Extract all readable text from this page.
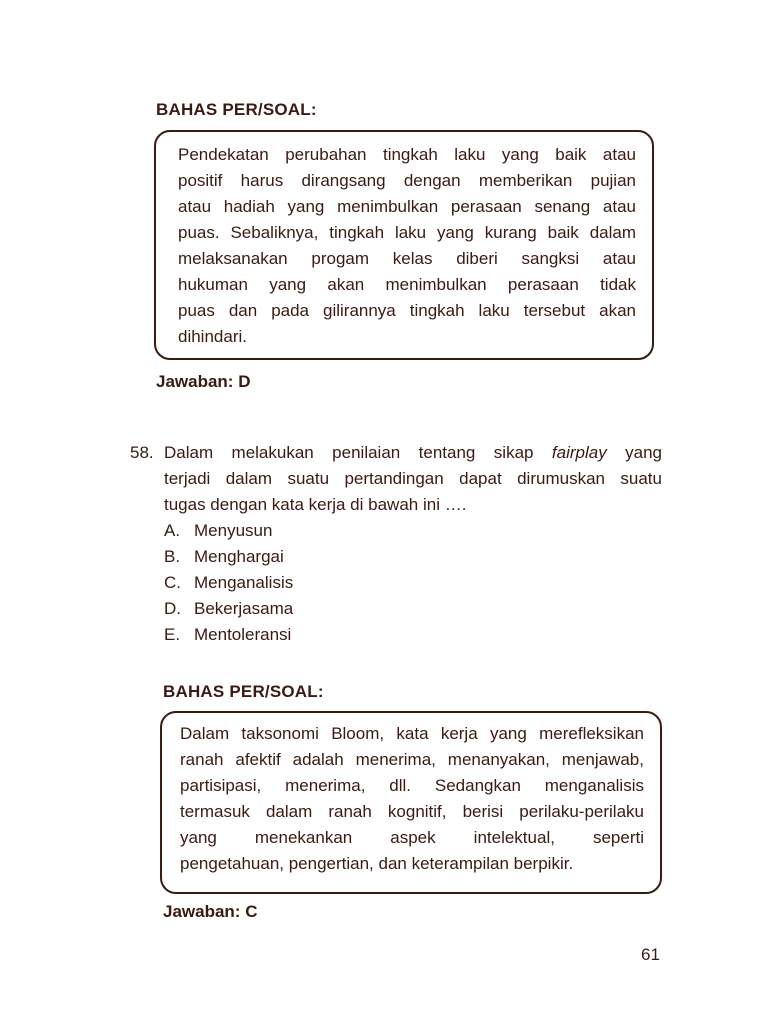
BAHAS PER/SOAL:
Pendekatan perubahan tingkah laku yang baik atau
positif harus dirangsang dengan memberikan pujian
atau hadiah yang menimbulkan perasaan senang atau
puas. Sebaliknya, tingkah laku yang kurang baik dalam
melaksanakan progam kelas diberi sangksi atau
hukuman yang akan menimbulkan perasaan tidak
puas dan pada gilirannya tingkah laku tersebut akan
dihindari.
Jawaban: D
58. Dalam melakukan penilaian tentang sikap fairplay yang
terjadi dalam suatu pertandingan dapat dirumuskan suatu
tugas dengan kata kerja di bawah ini ….
A. Menyusun
B. Menghargai
C. Menganalisis
D. Bekerjasama
E. Mentoleransi
BAHAS PER/SOAL:
Dalam taksonomi Bloom, kata kerja yang merefleksikan
ranah afektif adalah menerima, menanyakan, menjawab,
partisipasi, menerima, dll. Sedangkan menganalisis
termasuk dalam ranah kognitif, berisi perilaku-perilaku
yang menekankan aspek intelektual, seperti
pengetahuan, pengertian, dan keterampilan berpikir.
Jawaban: C
61
